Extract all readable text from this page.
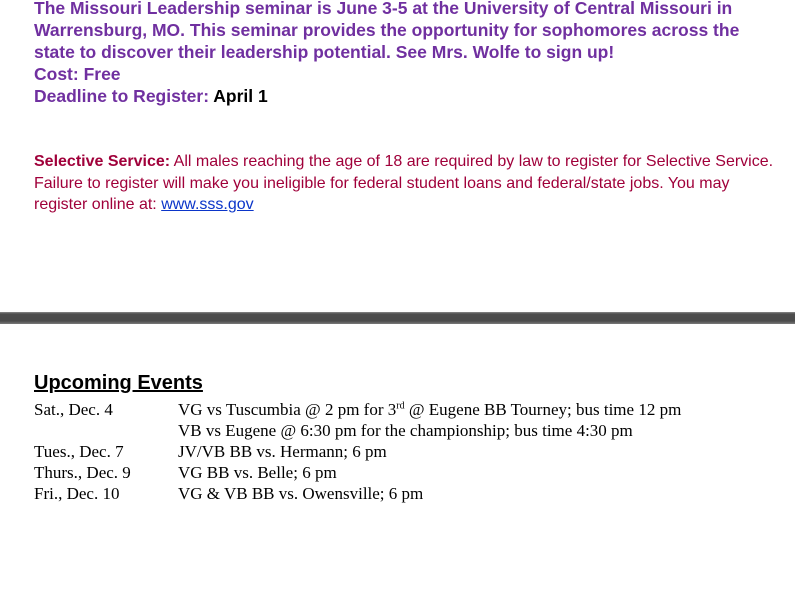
The Missouri Leadership seminar is June 3-5 at the University of Central Missouri in Warrensburg, MO. This seminar provides the opportunity for sophomores across the state to discover their leadership potential. See Mrs. Wolfe to sign up!

Cost: Free

Deadline to Register: April 1

Selective Service: All males reaching the age of 18 are required by law to register for Selective Service. Failure to register will make you ineligible for federal student loans and federal/state jobs. You may register online at: www.sss.gov
Upcoming Events
Sat., Dec. 4	VG vs Tuscumbia @ 2 pm for 3rd @ Eugene BB Tourney; bus time 12 pm
VB vs Eugene @ 6:30 pm for the championship; bus time 4:30 pm
Tues., Dec. 7	JV/VB BB vs. Hermann; 6 pm
Thurs., Dec. 9	VG BB vs. Belle; 6 pm
Fri., Dec. 10	VG & VB BB vs. Owensville; 6 pm
